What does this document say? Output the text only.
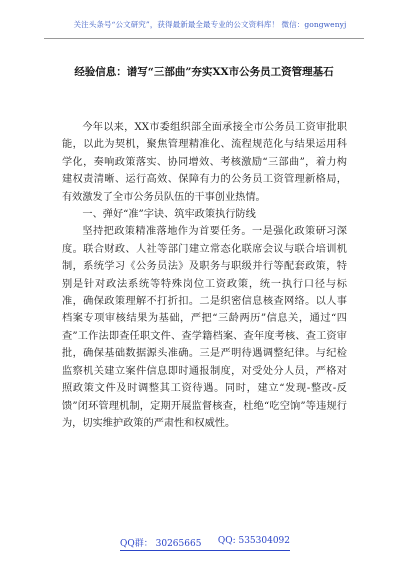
关注头条号“公文研究”，获得最新最全最专业的公文资料库！ 微信：gongwenyj
经验信息：谱写“三部曲”夯实XX市公务员工资管理基石

今年以来，XX市委组织部全面承接全市公务员工资审批职能，以此为契机，聚焦管理精准化、流程规范化与结果运用科学化，奏响政策落实、协同增效、考核激励“三部曲”，着力构建权责清晰、运行高效、保障有力的公务员工资管理新格局，有效激发了全市公务员队伍的干事创业热情。

一、弹好“准”字诀、筑牢政策执行防线

坚持把政策精准落地作为首要任务。一是强化政策研习深度。联合财政、人社等部门建立常态化联席会议与联合培训机制，系统学习《公务员法》及职务与职级并行等配套政策，特别是针对政法系统等特殊岗位工资政策，统一执行口径与标准，确保政策理解不打折扣。二是织密信息核查网络。以人事档案专项审核结果为基础，严把“三龄两历”信息关，通过“四查”工作法即查任职文件、查学籍档案、查年度考核、查工资审批，确保基础数据源头准确。三是严明待遇调整纪律。与纪检监察机关建立案件信息即时通报制度，对受处分人员，严格对照政策文件及时调整其工资待遇。同时，建立“发现-整改-反馈”闭环管理机制，定期开展监督核查，杜绝“吃空饷”等违规行为，切实维护政策的严肃性和权威性。

QQ群： 30265665 QQ: 535304092
